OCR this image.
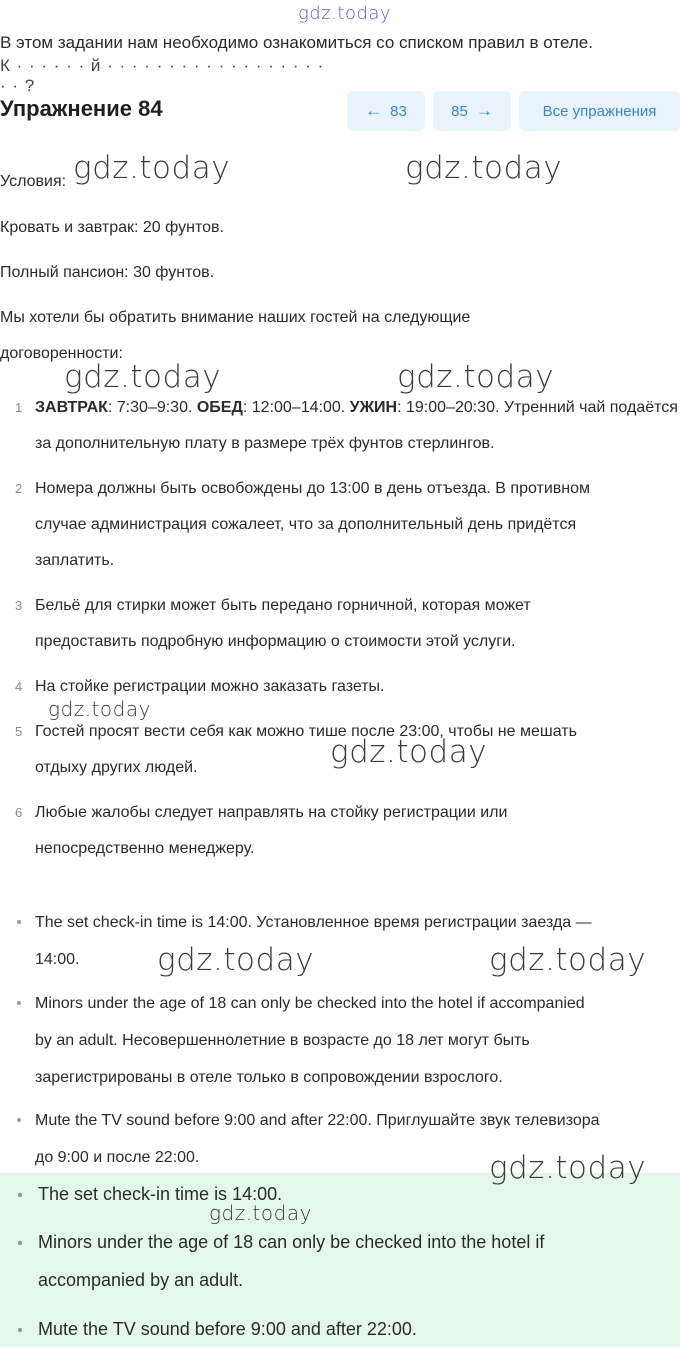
gdz.today
В этом задании нам необходимо ознакомиться со списком правил в отеле.
К · · · · · · й · · · · · · · · · · · · · · · · · · · · ?
Упражнение 84	← 83	85 →	Все упражнения
Условия: gdz.today	gdz.today
Кровать и завтрак: 20 фунтов.
Полный пансион: 30 фунтов.
Мы хотели бы обратить внимание наших гостей на следующие
договоренности:
gdz.today	gdz.today
1 ЗАВТРАК: 7:30–9:30. ОБЕД: 12:00–14:00. УЖИН: 19:00–20:30. Утренний чай подаётся
за дополнительную плату в размере трёх фунтов стерлингов.
2 Номера должны быть освобождены до 13:00 в день отъезда. В противном
случае администрация сожалеет, что за дополнительный день придётся
заплатить.
3 Бельё для стирки может быть передано горничной, которая может
предоставить подробную информацию о стоимости этой услуги.
4 На стойке регистрации можно заказать газеты.
gdz.today
5 Гостей просят вести себя как можно тише после 23:00, чтобы не мешать
отдыху других людей.	gdz.today
6 Любые жалобы следует направлять на стойку регистрации или
непосредственно менеджеру.
The set check-in time is 14:00. Установленное время регистрации заезда —
14:00.	gdz.today	gdz.today
Minors under the age of 18 can only be checked into the hotel if accompanied
by an adult. Несовершеннолетние в возрасте до 18 лет могут быть
зарегистрированы в отеле только в сопровождении взрослого.
Mute the TV sound before 9:00 and after 22:00. Приглушайте звук телевизора
до 9:00 и после 22:00.
The set check-in time is 14:00.
Minors under the age of 18 can only be checked into the hotel if
accompanied by an adult.
Mute the TV sound before 9:00 and after 22:00.
gdz.today
gdz.today
